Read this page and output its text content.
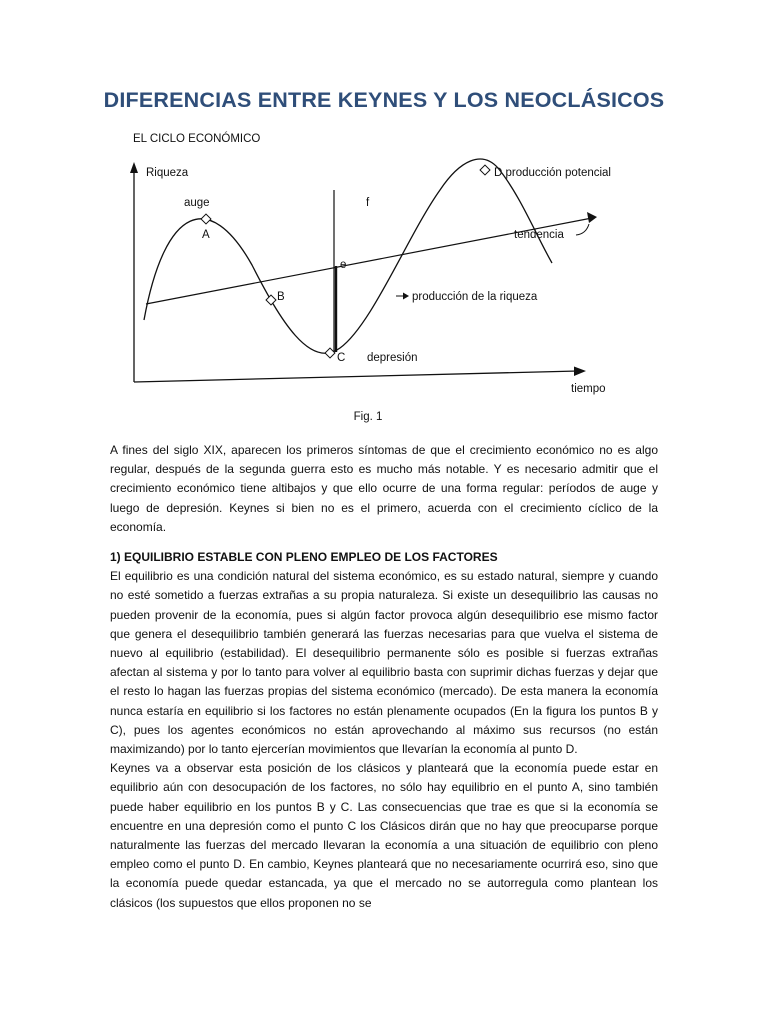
DIFERENCIAS ENTRE KEYNES Y LOS NEOCLÁSICOS

EL CICLO ECONÓMICO

Riqueza
tiempo
auge	f
D producción potencial
tendencia
A
e
B	producción de la riqueza
C depresión

Fig. 1

A fines del siglo XIX, aparecen los primeros síntomas de que el crecimiento económico no es algo regular, después de la segunda guerra esto es mucho más notable. Y es necesario admitir que el crecimiento económico tiene altibajos y que ello ocurre de una forma regular: períodos de auge y luego de depresión. Keynes si bien no es el primero, acuerda con el crecimiento cíclico de la economía.

1) EQUILIBRIO ESTABLE CON PLENO EMPLEO DE LOS FACTORES

El equilibrio es una condición natural del sistema económico, es su estado natural, siempre y cuando no esté sometido a fuerzas extrañas a su propia naturaleza. Si existe un desequilibrio las causas no pueden provenir de la economía, pues si algún factor provoca algún desequilibrio ese mismo factor que genera el desequilibrio también generará las fuerzas necesarias para que vuelva el sistema de nuevo al equilibrio (estabilidad). El desequilibrio permanente sólo es posible si fuerzas extrañas afectan al sistema y por lo tanto para volver al equilibrio basta con suprimir dichas fuerzas y dejar que el resto lo hagan las fuerzas propias del sistema económico (mercado). De esta manera la economía nunca estaría en equilibrio si los factores no están plenamente ocupados (En la figura los puntos B y C), pues los agentes económicos no están aprovechando al máximo sus recursos (no están maximizando) por lo tanto ejercerían movimientos que llevarían la economía al punto D.

Keynes va a observar esta posición de los clásicos y planteará que la economía puede estar en equilibrio aún con desocupación de los factores, no sólo hay equilibrio en el punto A, sino también puede haber equilibrio en los puntos B y C. Las consecuencias que trae es que si la economía se encuentre en una depresión como el punto C los Clásicos dirán que no hay que preocuparse porque naturalmente las fuerzas del mercado llevaran la economía a una situación de equilibrio con pleno empleo como el punto D. En cambio, Keynes planteará que no necesariamente ocurrirá eso, sino que la economía puede quedar estancada, ya que el mercado no se autorregula como plantean los clásicos (los supuestos que ellos proponen no se
